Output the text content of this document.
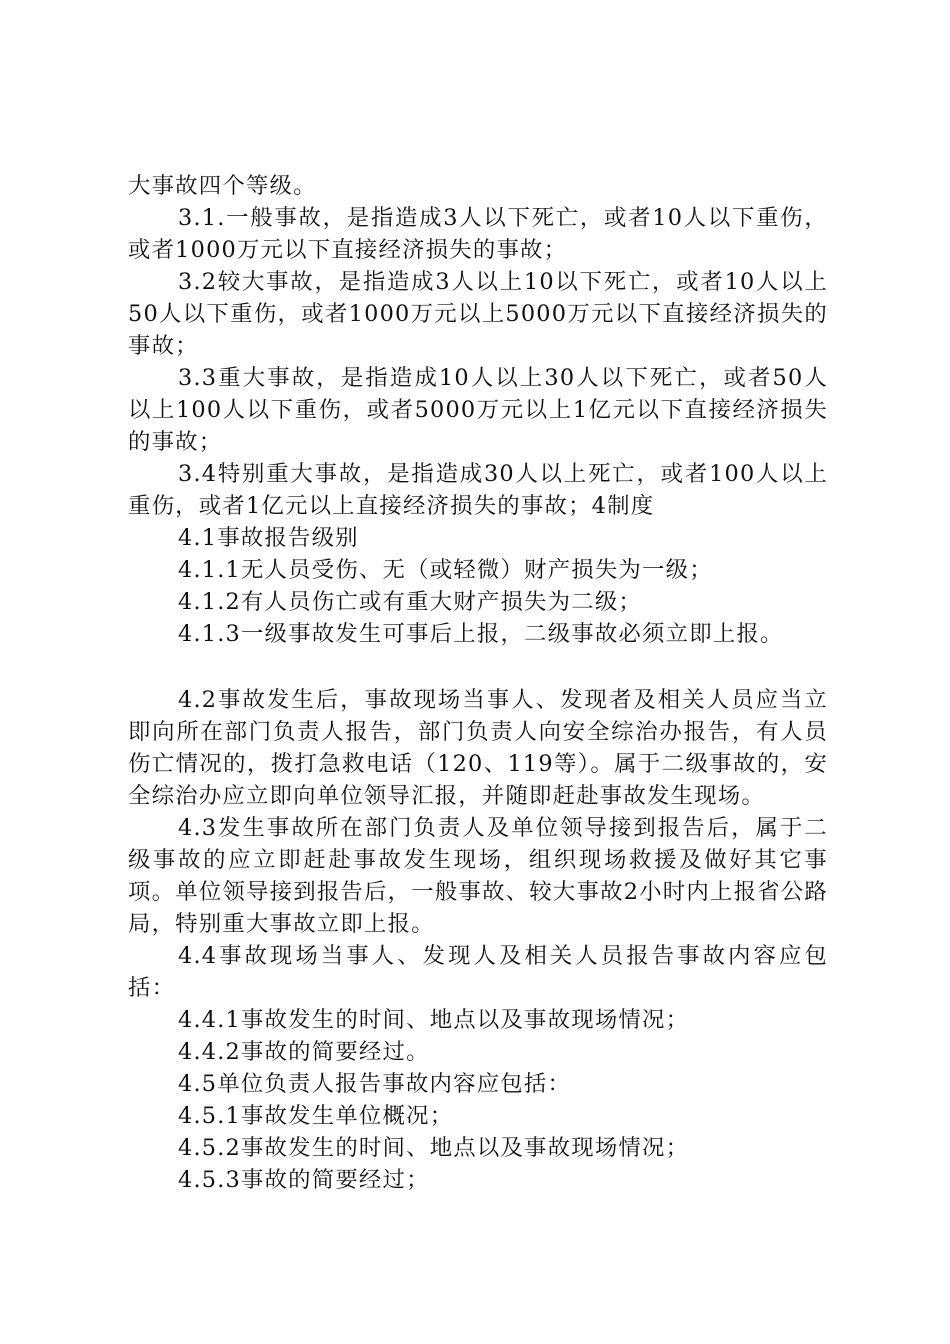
大事故四个等级。

3.1.一般事故，是指造成3人以下死亡，或者10人以下重伤，或者1000万元以下直接经济损失的事故；

3.2较大事故，是指造成3人以上10以下死亡，或者10人以上50人以下重伤，或者1000万元以上5000万元以下直接经济损失的事故；

3.3重大事故，是指造成10人以上30人以下死亡，或者50人以上100人以下重伤，或者5000万元以上1亿元以下直接经济损失的事故；

3.4特别重大事故，是指造成30人以上死亡，或者100人以上重伤，或者1亿元以上直接经济损失的事故；4制度

4.1事故报告级别

4.1.1无人员受伤、无（或轻微）财产损失为一级；

4.1.2有人员伤亡或有重大财产损失为二级；

4.1.3一级事故发生可事后上报，二级事故必须立即上报。

4.2事故发生后，事故现场当事人、发现者及相关人员应当立即向所在部门负责人报告，部门负责人向安全综治办报告，有人员伤亡情况的，拨打急救电话（120、119等）。属于二级事故的，安全综治办应立即向单位领导汇报，并随即赶赴事故发生现场。

4.3发生事故所在部门负责人及单位领导接到报告后，属于二级事故的应立即赶赴事故发生现场，组织现场救援及做好其它事项。单位领导接到报告后，一般事故、较大事故2小时内上报省公路局，特别重大事故立即上报。

4.4事故现场当事人、发现人及相关人员报告事故内容应包括：

4.4.1事故发生的时间、地点以及事故现场情况；

4.4.2事故的简要经过。

4.5单位负责人报告事故内容应包括：

4.5.1事故发生单位概况；

4.5.2事故发生的时间、地点以及事故现场情况；

4.5.3事故的简要经过；
